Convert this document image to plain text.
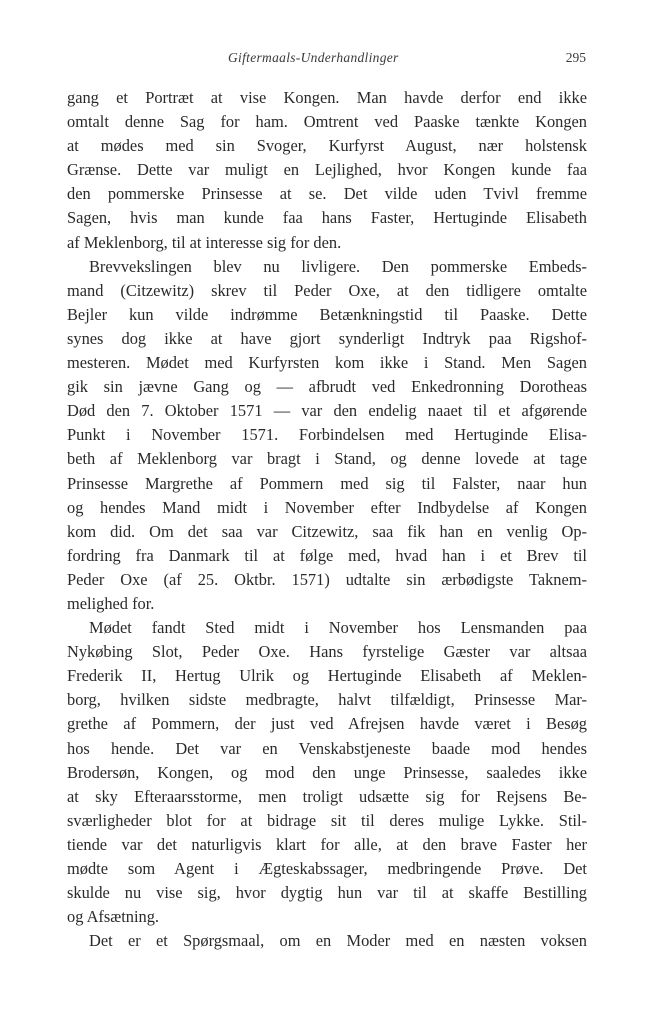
Giftermaals-Underhandlinger	295
gang et Portræt at vise Kongen. Man havde derfor end ikke
omtalt denne Sag for ham. Omtrent ved Paaske tænkte Kongen
at mødes med sin Svoger, Kurfyrst August, nær holstensk
Grænse. Dette var muligt en Lejlighed, hvor Kongen kunde faa
den pommerske Prinsesse at se. Det vilde uden Tvivl fremme
Sagen, hvis man kunde faa hans Faster, Hertuginde Elisabeth
af Meklenborg, til at interesse sig for den.
Brevvekslingen blev nu livligere. Den pommerske Embeds-
mand (Citzewitz) skrev til Peder Oxe, at den tidligere omtalte
Bejler kun vilde indrømme Betænkningstid til Paaske. Dette
synes dog ikke at have gjort synderligt Indtryk paa Rigshof-
mesteren. Mødet med Kurfyrsten kom ikke i Stand. Men Sagen
gik sin jævne Gang og — afbrudt ved Enkedronning Dorotheas
Død den 7. Oktober 1571 — var den endelig naaet til et afgørende
Punkt i November 1571. Forbindelsen med Hertuginde Elisa-
beth af Meklenborg var bragt i Stand, og denne lovede at tage
Prinsesse Margrethe af Pommern med sig til Falster, naar hun
og hendes Mand midt i November efter Indbydelse af Kongen
kom did. Om det saa var Citzewitz, saa fik han en venlig Op-
fordring fra Danmark til at følge med, hvad han i et Brev til
Peder Oxe (af 25. Oktbr. 1571) udtalte sin ærbødigste Taknem-
melighed for.
Mødet fandt Sted midt i November hos Lensmanden paa
Nykøbing Slot, Peder Oxe. Hans fyrstelige Gæster var altsaa
Frederik II, Hertug Ulrik og Hertuginde Elisabeth af Meklen-
borg, hvilken sidste medbragte, halvt tilfældigt, Prinsesse Mar-
grethe af Pommern, der just ved Afrejsen havde været i Besøg
hos hende. Det var en Venskabstjeneste baade mod hendes
Brodersøn, Kongen, og mod den unge Prinsesse, saaledes ikke
at sky Efteraarsstorme, men troligt udsætte sig for Rejsens Be-
sværligheder blot for at bidrage sit til deres mulige Lykke. Stil-
tiende var det naturligvis klart for alle, at den brave Faster her
mødte som Agent i Ægteskabssager, medbringende Prøve. Det
skulde nu vise sig, hvor dygtig hun var til at skaffe Bestilling
og Afsætning.
Det er et Spørgsmaal, om en Moder med en næsten voksen
